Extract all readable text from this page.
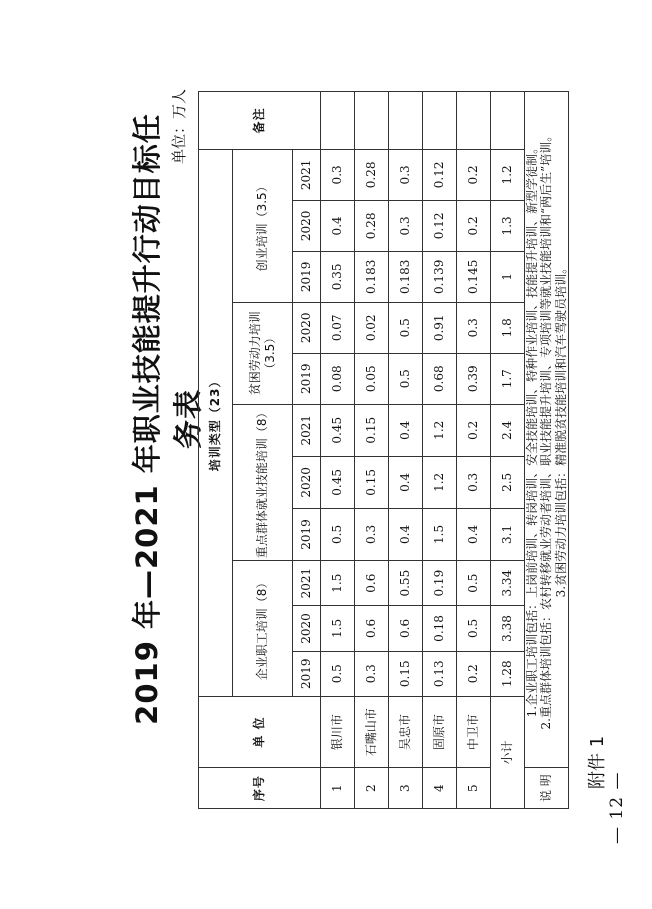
— 12 —
附件 1
2019 年—2021 年职业技能提升行动目标任务表
单位：万人
序号	单 位	培训类型（23）											备注
		企业职工培训（8）			重点群体就业技能培训（8）			贫困劳动力培训（3.5）		创业培训（3.5）			
		2019	2020	2021	2019	2020	2021	2019	2020	2019	2020	2021	
1	银川市	0.5	1.5	1.5	0.5	0.45	0.45	0.08	0.07	0.35	0.4	0.3	
2	石嘴山市	0.3	0.6	0.6	0.3	0.15	0.15	0.05	0.02	0.183	0.28	0.28	
3	吴忠市	0.15	0.6	0.55	0.4	0.4	0.4	0.5	0.5	0.183	0.3	0.3	
4	固原市	0.13	0.18	0.19	1.5	1.2	1.2	0.68	0.91	0.139	0.12	0.12	
5	中卫市	0.2	0.5	0.5	0.4	0.3	0.2	0.39	0.3	0.145	0.2	0.2	
小计		1.28	3.38	3.34	3.1	2.5	2.4	1.7	1.8	1	1.3	1.2	
说 明	1.企业职工培训包括：上岗前培训、转岗培训、安全技能培训、特种作业培训、技能提升培训、新型学徒制。 2.重点群体培训包括：农村转移就业劳动者培训、职业技能提升培训、专项培训等就业技能培训和“两后生”培训。 3.贫困劳动力培训包括：精准脱贫技能培训和汽车驾驶员培训。												
